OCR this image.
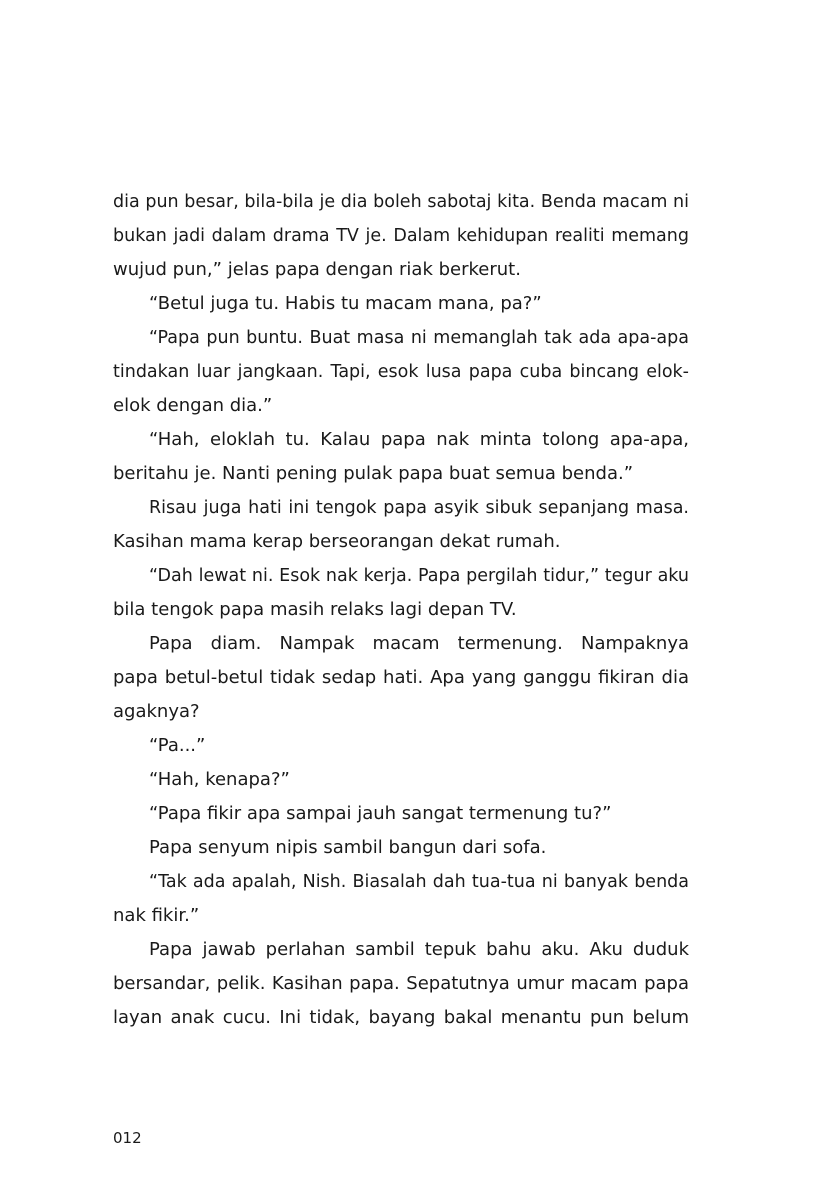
dia pun besar, bila-bila je dia boleh sabotaj kita. Benda macam ni
bukan jadi dalam drama TV je. Dalam kehidupan realiti memang
wujud pun,” jelas papa dengan riak berkerut.
“Betul juga tu. Habis tu macam mana, pa?”
“Papa pun buntu. Buat masa ni memanglah tak ada apa-apa
tindakan luar jangkaan. Tapi, esok lusa papa cuba bincang elok-
elok dengan dia.”
“Hah, eloklah tu. Kalau papa nak minta tolong apa-apa,
beritahu je. Nanti pening pulak papa buat semua benda.”
Risau juga hati ini tengok papa asyik sibuk sepanjang masa.
Kasihan mama kerap berseorangan dekat rumah.
“Dah lewat ni. Esok nak kerja. Papa pergilah tidur,” tegur aku
bila tengok papa masih relaks lagi depan TV.
Papa diam. Nampak macam termenung. Nampaknya
papa betul-betul tidak sedap hati. Apa yang ganggu fikiran dia
agaknya?
“Pa...”
“Hah, kenapa?”
“Papa fikir apa sampai jauh sangat termenung tu?”
Papa senyum nipis sambil bangun dari sofa.
“Tak ada apalah, Nish. Biasalah dah tua-tua ni banyak benda
nak fikir.”
Papa jawab perlahan sambil tepuk bahu aku. Aku duduk
bersandar, pelik. Kasihan papa. Sepatutnya umur macam papa
layan anak cucu. Ini tidak, bayang bakal menantu pun belum
012
